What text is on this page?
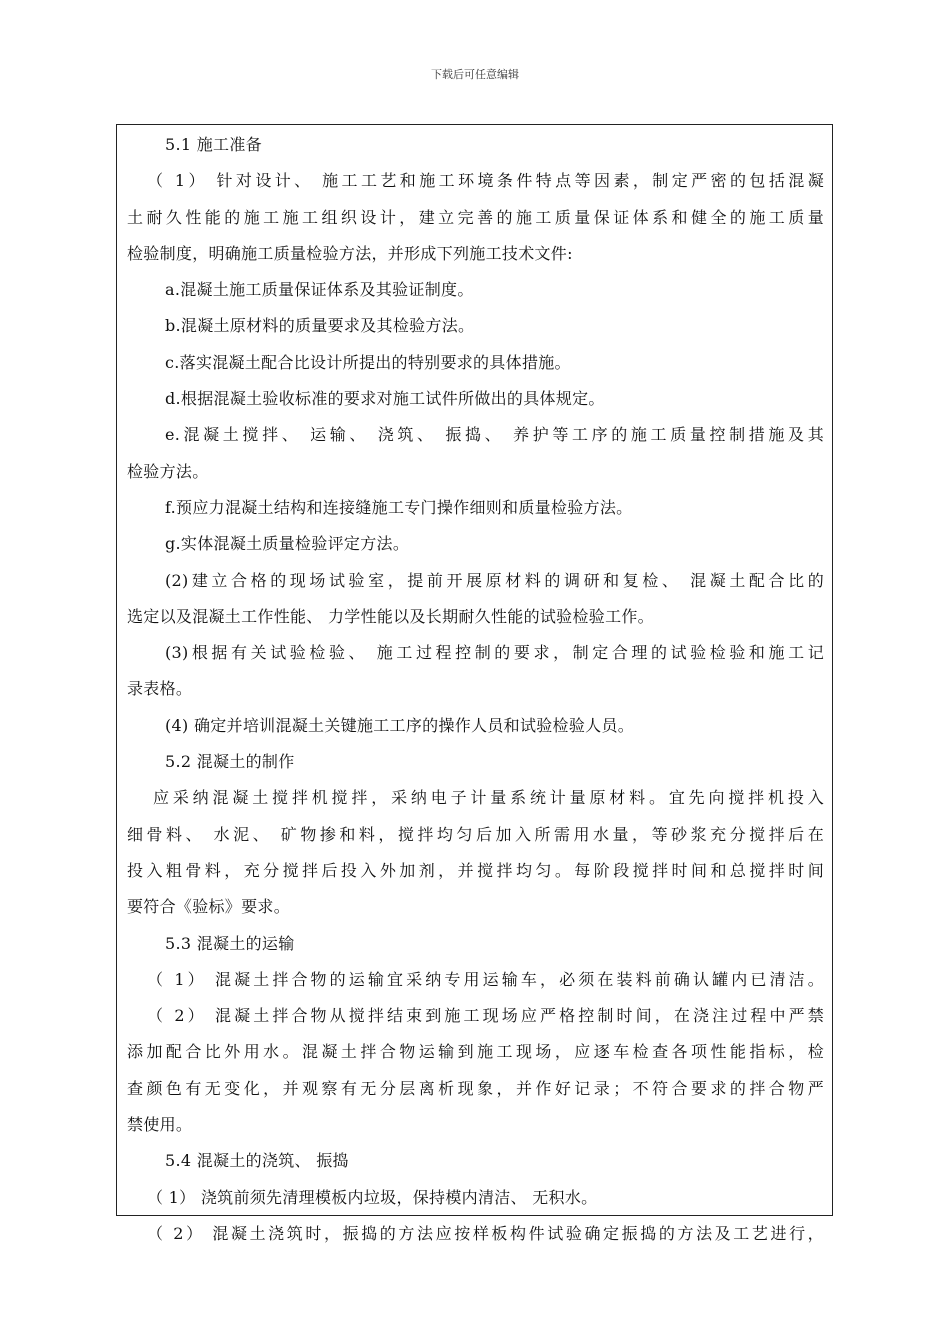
下载后可任意编辑
5.1 施工准备
（ 1） 针对设计、 施工工艺和施工环境条件特点等因素，制定严密的包括混凝
土耐久性能的施工施工组织设计，建立完善的施工质量保证体系和健全的施工质量
检验制度，明确施工质量检验方法，并形成下列施工技术文件:
a.混凝土施工质量保证体系及其验证制度。
b.混凝土原材料的质量要求及其检验方法。
c.落实混凝土配合比设计所提出的特别要求的具体措施。
d.根据混凝土验收标准的要求对施工试件所做出的具体规定。
e.混凝土搅拌、 运输、 浇筑、 振捣、 养护等工序的施工质量控制措施及其
检验方法。
f.预应力混凝土结构和连接缝施工专门操作细则和质量检验方法。
g.实体混凝土质量检验评定方法。
(2)建立合格的现场试验室，提前开展原材料的调研和复检、 混凝土配合比的
选定以及混凝土工作性能、 力学性能以及长期耐久性能的试验检验工作。
(3)根据有关试验检验、 施工过程控制的要求，制定合理的试验检验和施工记
录表格。
(4) 确定并培训混凝土关键施工工序的操作人员和试验检验人员。
5.2 混凝土的制作
应采纳混凝土搅拌机搅拌，采纳电子计量系统计量原材料。宜先向搅拌机投入
细骨料、 水泥、 矿物掺和料，搅拌均匀后加入所需用水量，等砂浆充分搅拌后在
投入粗骨料，充分搅拌后投入外加剂，并搅拌均匀。每阶段搅拌时间和总搅拌时间
要符合《验标》要求。
5.3 混凝土的运输
（ 1） 混凝土拌合物的运输宜采纳专用运输车，必须在装料前确认罐内已清洁。
（ 2） 混凝土拌合物从搅拌结束到施工现场应严格控制时间，在浇注过程中严禁
添加配合比外用水。混凝土拌合物运输到施工现场，应逐车检查各项性能指标，检
查颜色有无变化，并观察有无分层离析现象，并作好记录；不符合要求的拌合物严
禁使用。
5.4 混凝土的浇筑、 振捣
（ 1） 浇筑前须先清理模板内垃圾，保持模内清洁、 无积水。
（ 2） 混凝土浇筑时，振捣的方法应按样板构件试验确定振捣的方法及工艺进行，
